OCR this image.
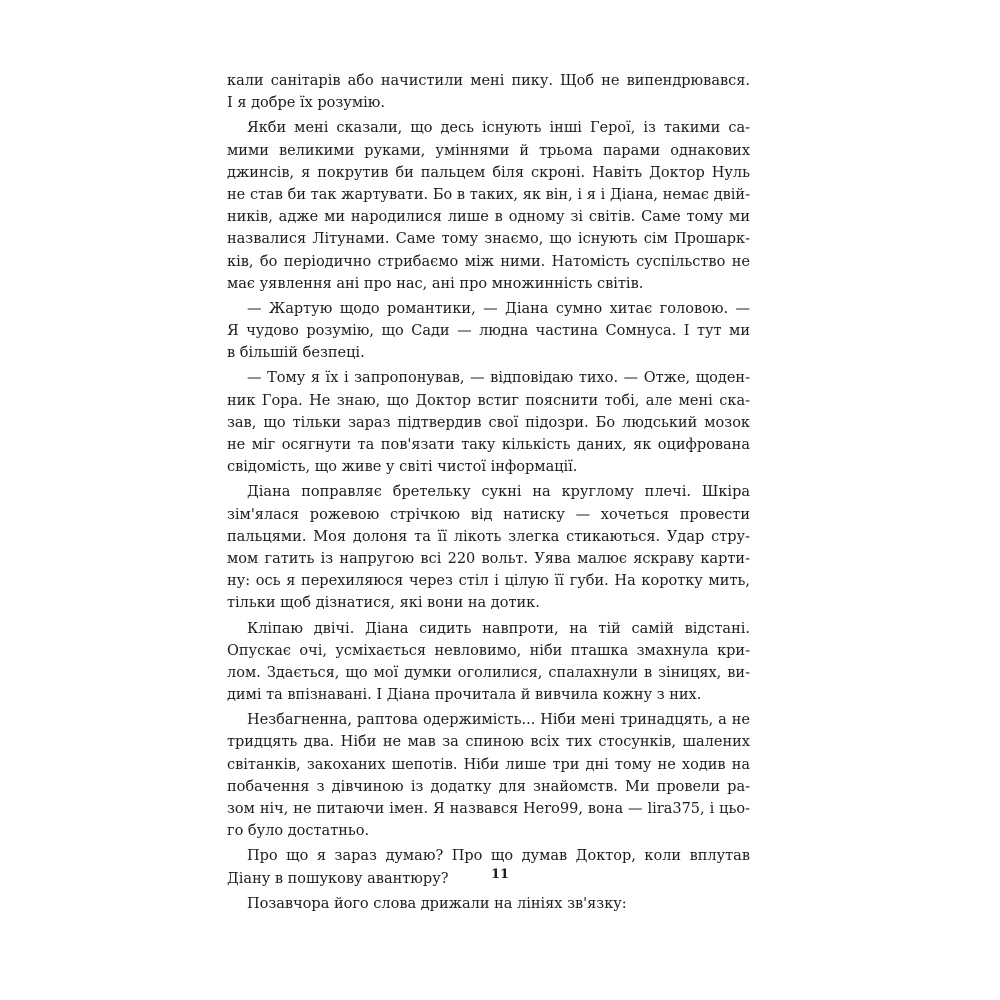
кали санітарів або начистили мені пику. Щоб не випендрювався.
І я добре їх розумію.
Якби мені сказали, що десь існують інші Герої, із такими са-
мими великими руками, уміннями й трьома парами однакових
джинсів, я покрутив би пальцем біля скроні. Навіть Доктор Нуль
не став би так жартувати. Бо в таких, як він, і я і Діана, немає двій-
ників, адже ми народилися лише в одному зі світів. Саме тому ми
назвалися Літунами. Саме тому знаємо, що існують сім Прошарк-
ків, бо періодично стрибаємо між ними. Натомість суспільство не
має уявлення ані про нас, ані про множинність світів.
— Жартую щодо романтики, — Діана сумно хитає головою. —
Я чудово розумію, що Сади — людна частина Сомнуса. І тут ми
в більшій безпеці.
— Тому я їх і запропонував, — відповідаю тихо. — Отже, щоден-
ник Гора. Не знаю, що Доктор встиг пояснити тобі, але мені ска-
зав, що тільки зараз підтвердив свої підозри. Бо людський мозок
не міг осягнути та пов'язати таку кількість даних, як оцифрована
свідомість, що живе у світі чистої інформації.
Діана поправляє бретельку сукні на круглому плечі. Шкіра
зім'ялася рожевою стрічкою від натиску — хочеться провести
пальцями. Моя долоня та її лікоть злегка стикаються. Удар стру-
мом гатить із напругою всі 220 вольт. Уява малює яскраву карти-
ну: ось я перехиляюся через стіл і цілую її губи. На коротку мить,
тільки щоб дізнатися, які вони на дотик.
Кліпаю двічі. Діана сидить навпроти, на тій самій відстані.
Опускає очі, усміхається невловимо, ніби пташка змахнула кри-
лом. Здається, що мої думки оголилися, спалахнули в зіницях, ви-
димі та впізнавані. І Діана прочитала й вивчила кожну з них.
Незбагненна, раптова одержимість... Ніби мені тринадцять, а не
тридцять два. Ніби не мав за спиною всіх тих стосунків, шалених
світанків, закоханих шепотів. Ніби лише три дні тому не ходив на
побачення з дівчиною із додатку для знайомств. Ми провели ра-
зом ніч, не питаючи імен. Я назвався Hero99, вона — lira375, і цьо-
го було достатньо.
Про що я зараз думаю? Про що думав Доктор, коли вплутав
Діану в пошукову авантюру?
Позавчора його слова дрижали на лініях зв'язку:
11
